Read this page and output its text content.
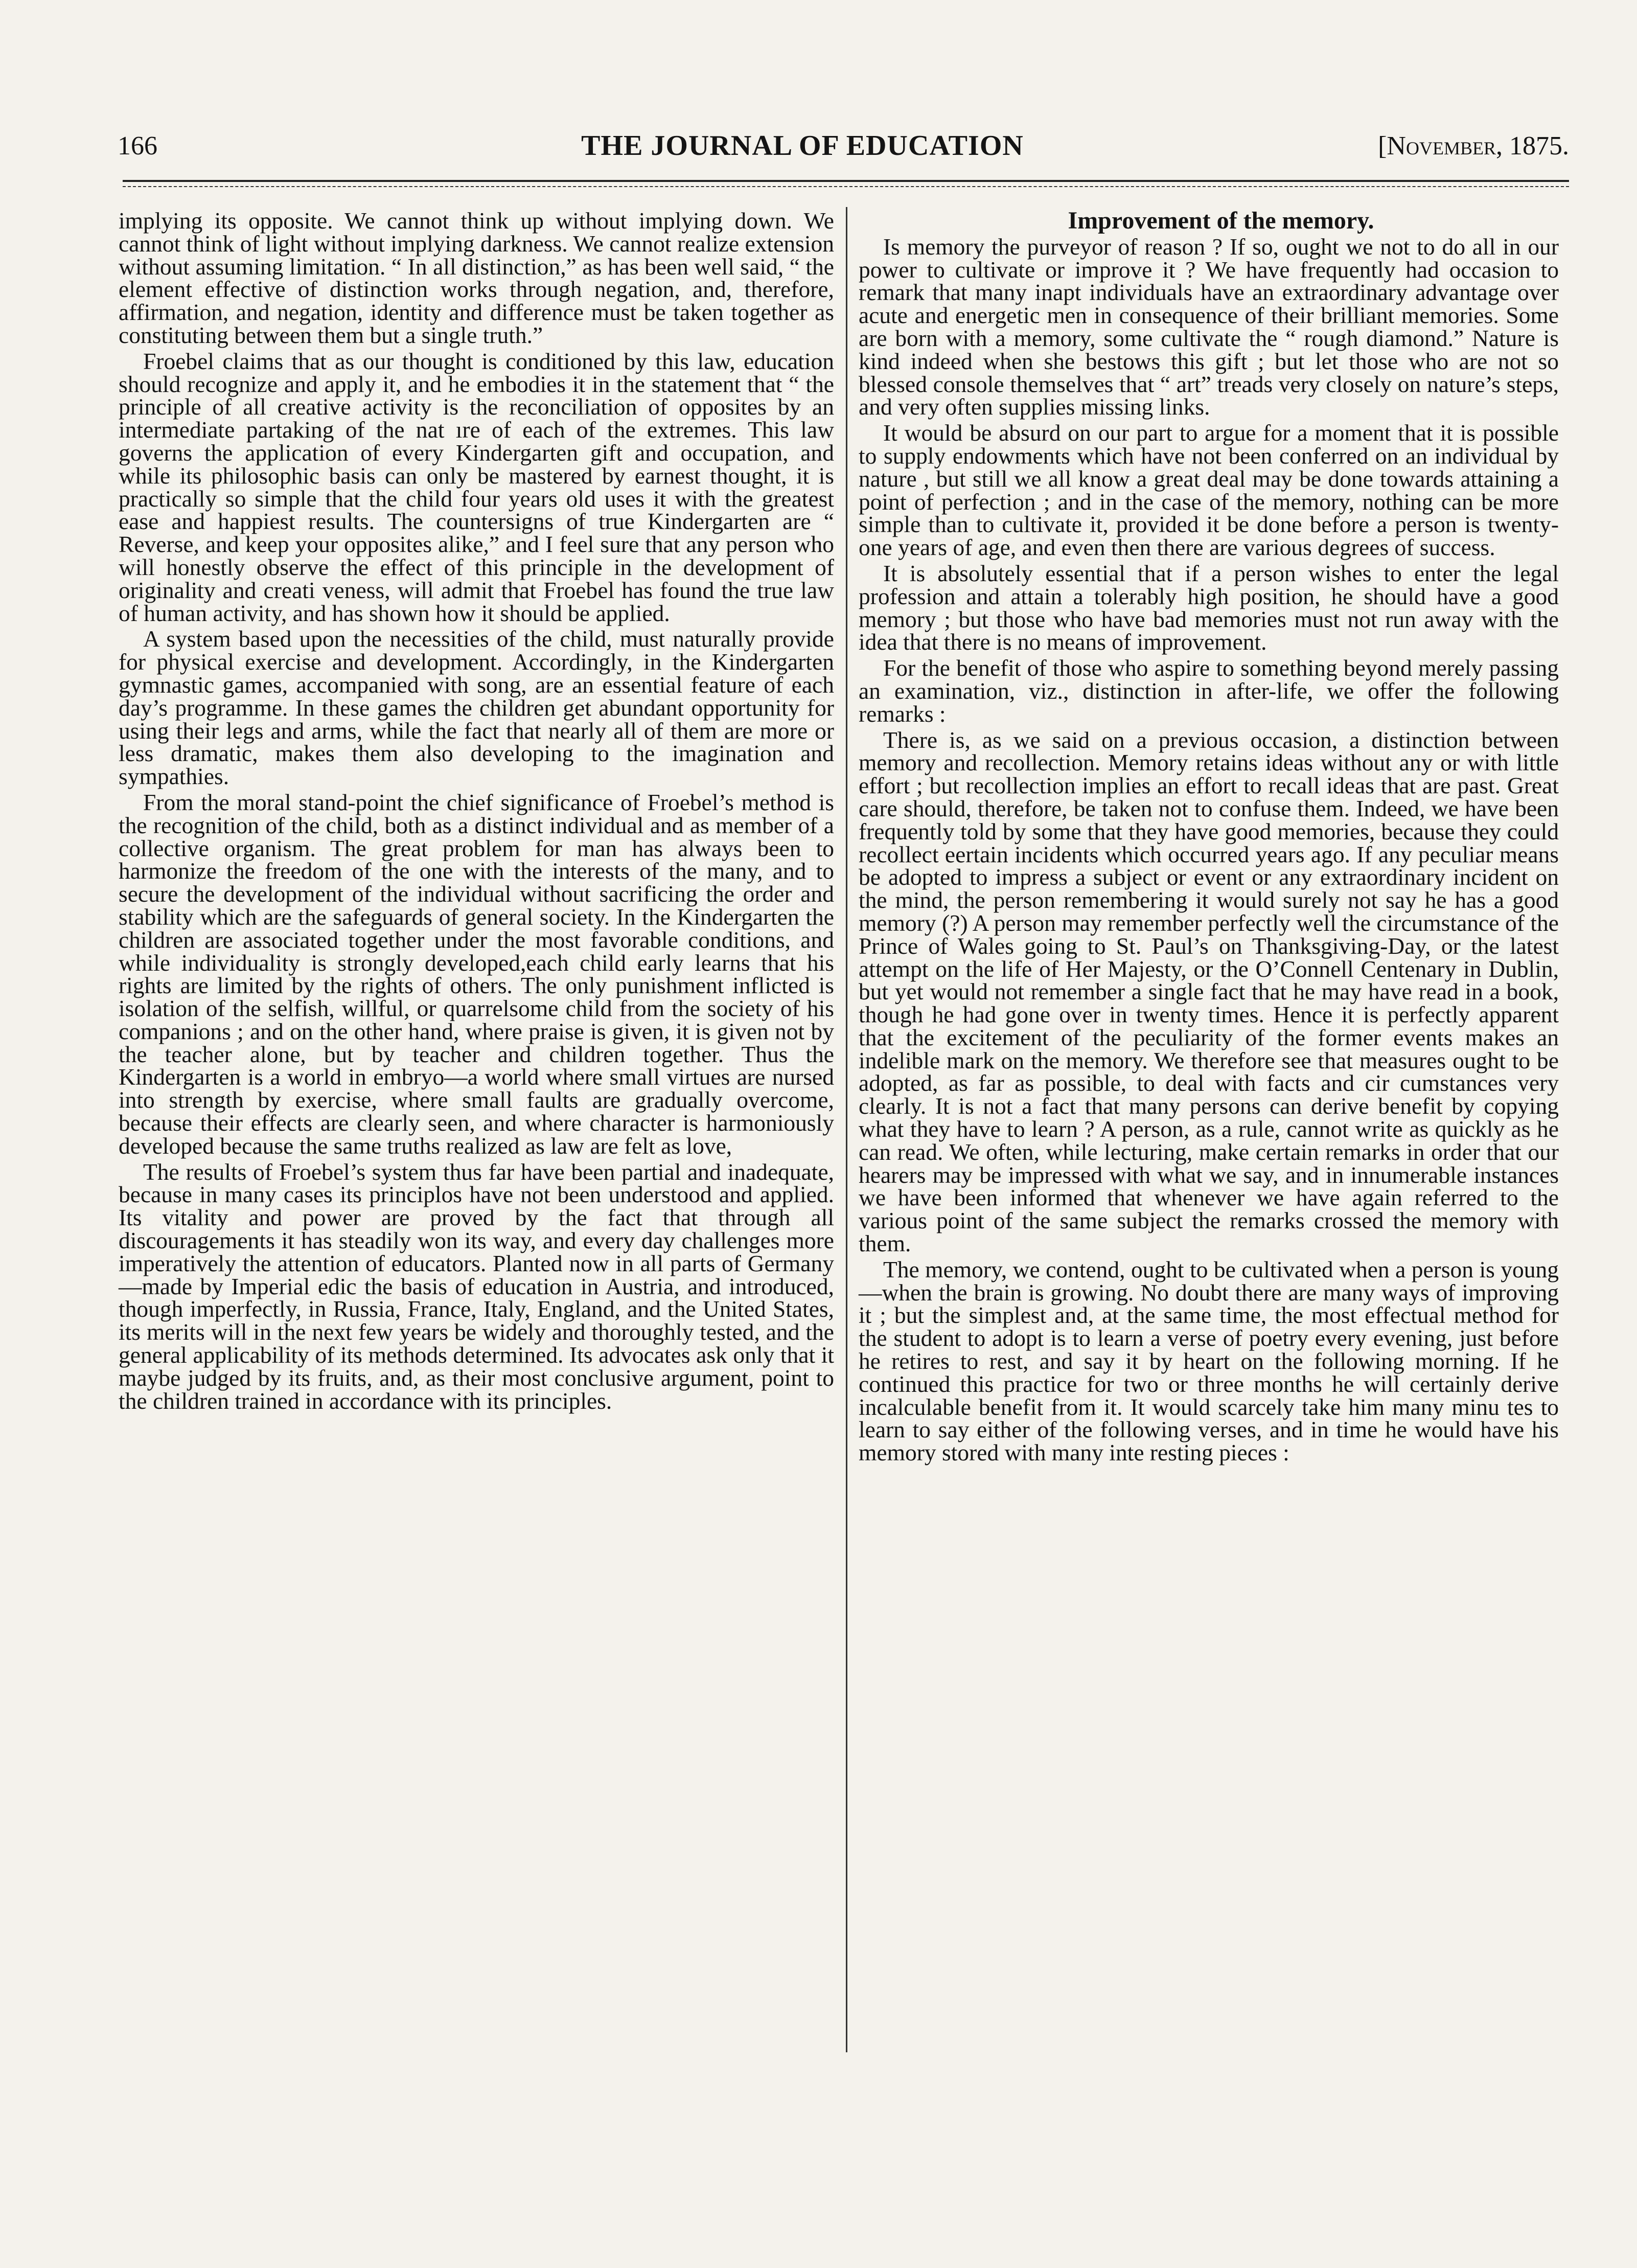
166	THE JOURNAL OF EDUCATION	[November, 1875.

implying its opposite. We cannot think up without implying down. We cannot think of light without implying darkness. We cannot realize extension without assuming limitation. “ In all distinction,” as has been well said, “ the element effective of distinction works through negation, and, therefore, affirmation, and negation, identity and difference must be taken together as constituting between them but a single truth.”

Froebel claims that as our thought is conditioned by this law, education should recognize and apply it, and he embodies it in the statement that “ the principle of all creative activity is the reconciliation of opposites by an intermediate partaking of the nat ıre of each of the extremes. This law governs the application of every Kindergarten gift and occupation, and while its philosophic basis can only be mastered by earnest thought, it is practically so simple that the child four years old uses it with the greatest ease and happiest results. The countersigns of true Kindergarten are “ Reverse, and keep your opposites alike,” and I feel sure that any person who will honestly observe the effect of this principle in the development of originality and creati veness, will admit that Froebel has found the true law of human activity, and has shown how it should be applied.

A system based upon the necessities of the child, must naturally provide for physical exercise and development. Accordingly, in the Kindergarten gymnastic games, accompanied with song, are an essential feature of each day’s programme. In these games the children get abundant opportunity for using their legs and arms, while the fact that nearly all of them are more or less dramatic, makes them also developing to the imagination and sympathies.

From the moral stand-point the chief significance of Froebel’s method is the recognition of the child, both as a distinct individual and as member of a collective organism. The great problem for man has always been to harmonize the freedom of the one with the interests of the many, and to secure the development of the individual without sacrificing the order and stability which are the safeguards of general society. In the Kindergarten the children are associated together under the most favorable conditions, and while individuality is strongly developed,each child early learns that his rights are limited by the rights of others. The only punishment inflicted is isolation of the selfish, willful, or quarrelsome child from the society of his companions ; and on the other hand, where praise is given, it is given not by the teacher alone, but by teacher and children together. Thus the Kindergarten is a world in embryo—a world where small virtues are nursed into strength by exercise, where small faults are gradually overcome, because their effects are clearly seen, and where character is harmoniously developed because the same truths realized as law are felt as love,

The results of Froebel’s system thus far have been partial and inadequate, because in many cases its principlos have not been understood and applied. Its vitality and power are proved by the fact that through all discouragements it has steadily won its way, and every day challenges more imperatively the attention of educators. Planted now in all parts of Germany—made by Imperial edic the basis of education in Austria, and introduced, though imperfectly, in Russia, France, Italy, England, and the United States, its merits will in the next few years be widely and thoroughly tested, and the general applicability of its methods determined. Its advocates ask only that it maybe judged by its fruits, and, as their most conclusive argument, point to the children trained in accordance with its principles.

Improvement of the memory.

Is memory the purveyor of reason ? If so, ought we not to do all in our power to cultivate or improve it ? We have frequently had occasion to remark that many inapt individuals have an extraordinary advantage over acute and energetic men in consequence of their brilliant memories. Some are born with a memory, some cultivate the “ rough diamond.” Nature is kind indeed when she bestows this gift ; but let those who are not so blessed console themselves that “ art” treads very closely on nature’s steps, and very often supplies missing links.

It would be absurd on our part to argue for a moment that it is possible to supply endowments which have not been conferred on an individual by nature , but still we all know a great deal may be done towards attaining a point of perfection ; and in the case of the memory, nothing can be more simple than to cultivate it, provided it be done before a person is twenty-one years of age, and even then there are various degrees of success.

It is absolutely essential that if a person wishes to enter the legal profession and attain a tolerably high position, he should have a good memory ; but those who have bad memories must not run away with the idea that there is no means of improvement.

For the benefit of those who aspire to something beyond merely passing an examination, viz., distinction in after-life, we offer the following remarks :

There is, as we said on a previous occasion, a distinction between memory and recollection. Memory retains ideas without any or with little effort ; but recollection implies an effort to recall ideas that are past. Great care should, therefore, be taken not to confuse them. Indeed, we have been frequently told by some that they have good memories, because they could recollect eertain incidents which occurred years ago. If any peculiar means be adopted to impress a subject or event or any extraordinary incident on the mind, the person remembering it would surely not say he has a good memory (?) A person may remember perfectly well the circumstance of the Prince of Wales going to St. Paul’s on Thanksgiving-Day, or the latest attempt on the life of Her Majesty, or the O’Connell Centenary in Dublin, but yet would not remember a single fact that he may have read in a book, though he had gone over in twenty times. Hence it is perfectly apparent that the excitement of the peculiarity of the former events makes an indelible mark on the memory. We therefore see that measures ought to be adopted, as far as possible, to deal with facts and cir cumstances very clearly. It is not a fact that many persons can derive benefit by copying what they have to learn ? A person, as a rule, cannot write as quickly as he can read. We often, while lecturing, make certain remarks in order that our hearers may be impressed with what we say, and in innumerable instances we have been informed that whenever we have again referred to the various point of the same subject the remarks crossed the memory with them.

The memory, we contend, ought to be cultivated when a person is young—when the brain is growing. No doubt there are many ways of improving it ; but the simplest and, at the same time, the most effectual method for the student to adopt is to learn a verse of poetry every evening, just before he retires to rest, and say it by heart on the following morning. If he continued this practice for two or three months he will certainly derive incalculable benefit from it. It would scarcely take him many minu tes to learn to say either of the following verses, and in time he would have his memory stored with many inte resting pieces :
